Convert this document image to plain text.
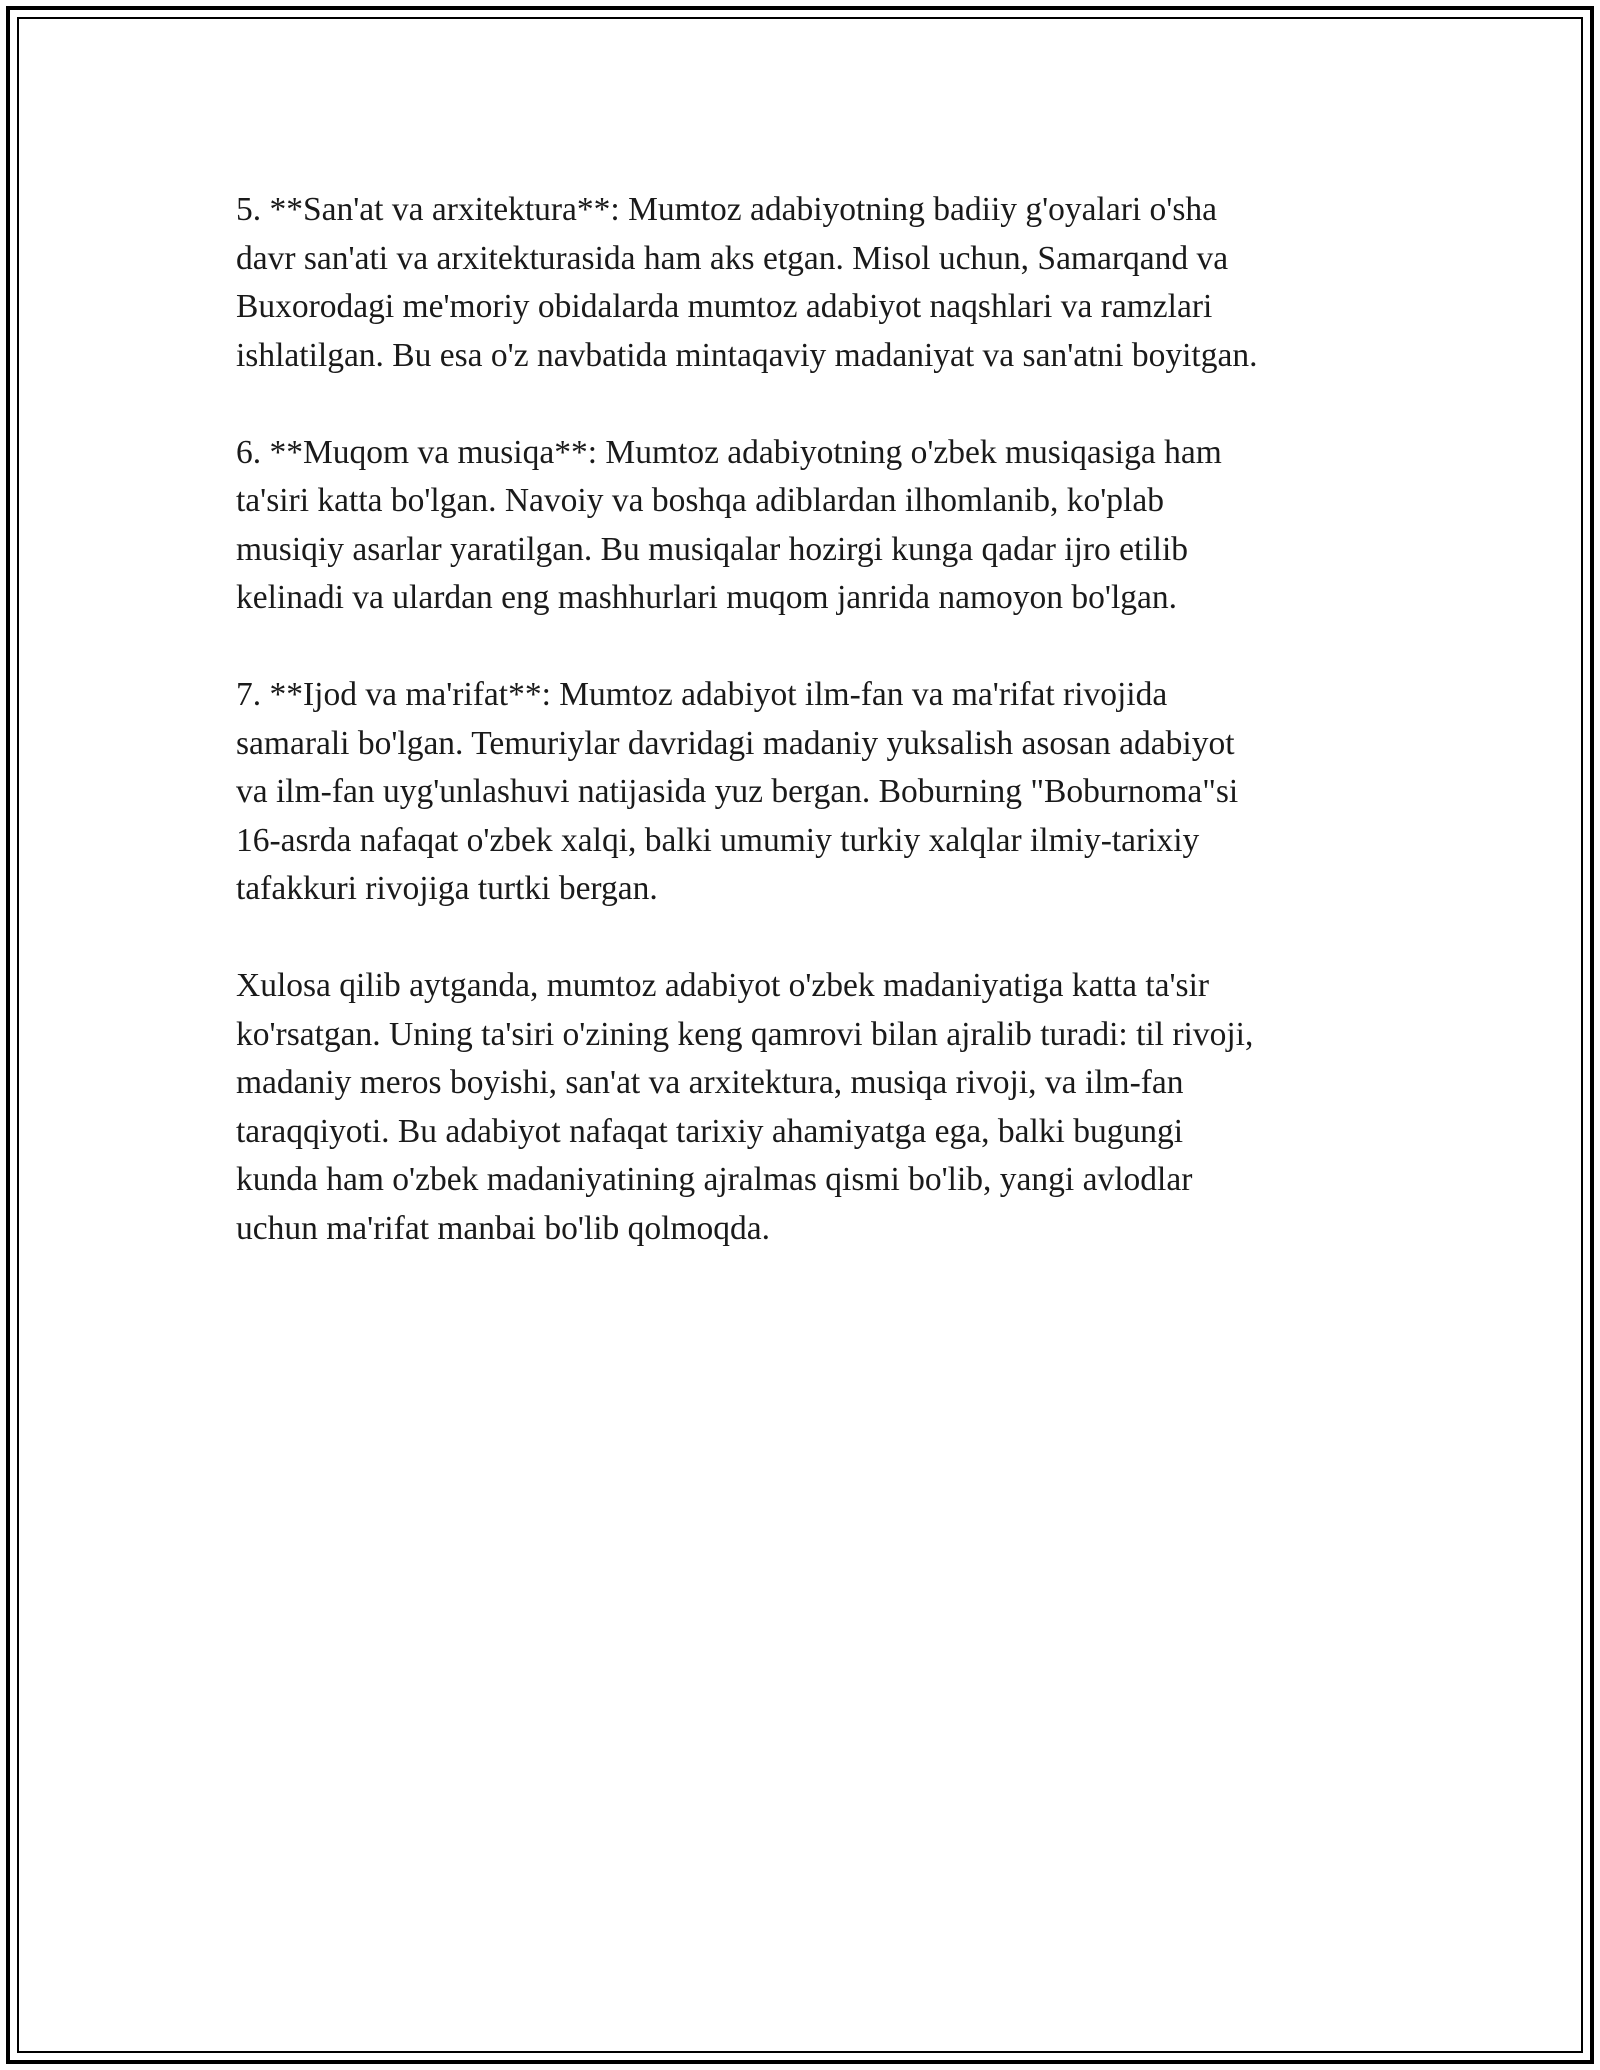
5. **San'at va arxitektura**: Mumtoz adabiyotning badiiy g'oyalari o'sha
davr san'ati va arxitekturasida ham aks etgan. Misol uchun, Samarqand va
Buxorodagi me'moriy obidalarda mumtoz adabiyot naqshlari va ramzlari
ishlatilgan. Bu esa o'z navbatida mintaqaviy madaniyat va san'atni boyitgan.

6. **Muqom va musiqa**: Mumtoz adabiyotning o'zbek musiqasiga ham
ta'siri katta bo'lgan. Navoiy va boshqa adiblardan ilhomlanib, ko'plab
musiqiy asarlar yaratilgan. Bu musiqalar hozirgi kunga qadar ijro etilib
kelinadi va ulardan eng mashhurlari muqom janrida namoyon bo'lgan.

7. **Ijod va ma'rifat**: Mumtoz adabiyot ilm-fan va ma'rifat rivojida
samarali bo'lgan. Temuriylar davridagi madaniy yuksalish asosan adabiyot
va ilm-fan uyg'unlashuvi natijasida yuz bergan. Boburning "Boburnoma"si
16-asrda nafaqat o'zbek xalqi, balki umumiy turkiy xalqlar ilmiy-tarixiy
tafakkuri rivojiga turtki bergan.

Xulosa qilib aytganda, mumtoz adabiyot o'zbek madaniyatiga katta ta'sir
ko'rsatgan. Uning ta'siri o'zining keng qamrovi bilan ajralib turadi: til rivoji,
madaniy meros boyishi, san'at va arxitektura, musiqa rivoji, va ilm-fan
taraqqiyoti. Bu adabiyot nafaqat tarixiy ahamiyatga ega, balki bugungi
kunda ham o'zbek madaniyatining ajralmas qismi bo'lib, yangi avlodlar
uchun ma'rifat manbai bo'lib qolmoqda.
